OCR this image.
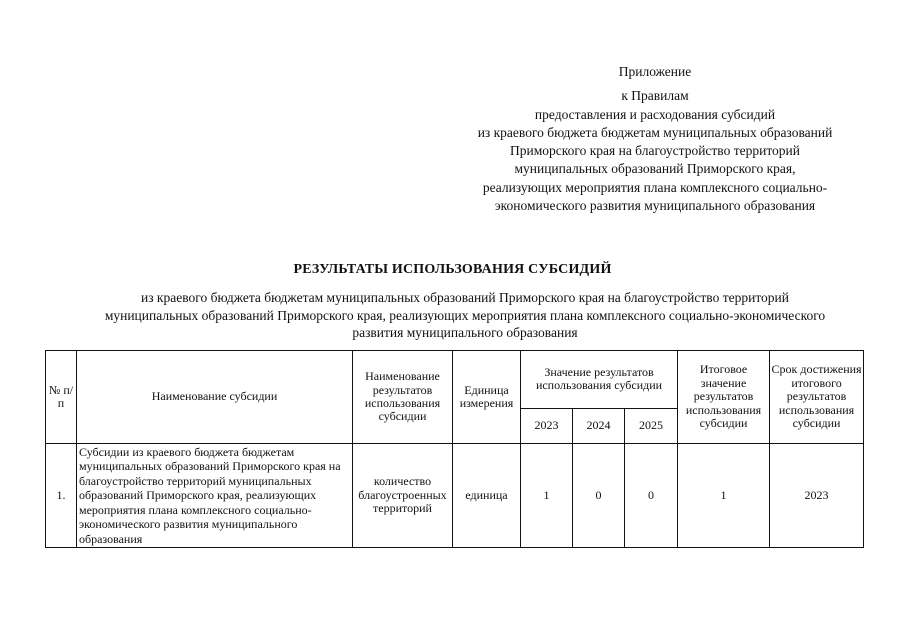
Приложение
к Правилам
предоставления и расходования субсидий
из краевого бюджета бюджетам муниципальных образований
Приморского края на благоустройство территорий
муниципальных образований Приморского края,
реализующих мероприятия плана комплексного социально-
экономического развития муниципального образования
РЕЗУЛЬТАТЫ ИСПОЛЬЗОВАНИЯ СУБСИДИЙ
из краевого бюджета бюджетам муниципальных образований Приморского края на благоустройство территорий
муниципальных образований Приморского края, реализующих мероприятия плана комплексного социально-экономического
развития муниципального образования
№ п/п	Наименование субсидии	Наименование результатов использования субсидии	Единица измерения	Значение результатов использования субсидии			Итоговое значение результатов использования субсидии	Срок достижения итогового результатов использования субсидии
				2023	2024	2025		
1.	Субсидии из краевого бюджета бюджетам муниципальных образований Приморского края на благоустройство территорий муниципальных образований Приморского края, реализующих мероприятия плана комплексного социально-экономического развития муниципального образования	количество благоустроенных территорий	единица	1	0	0	1	2023
